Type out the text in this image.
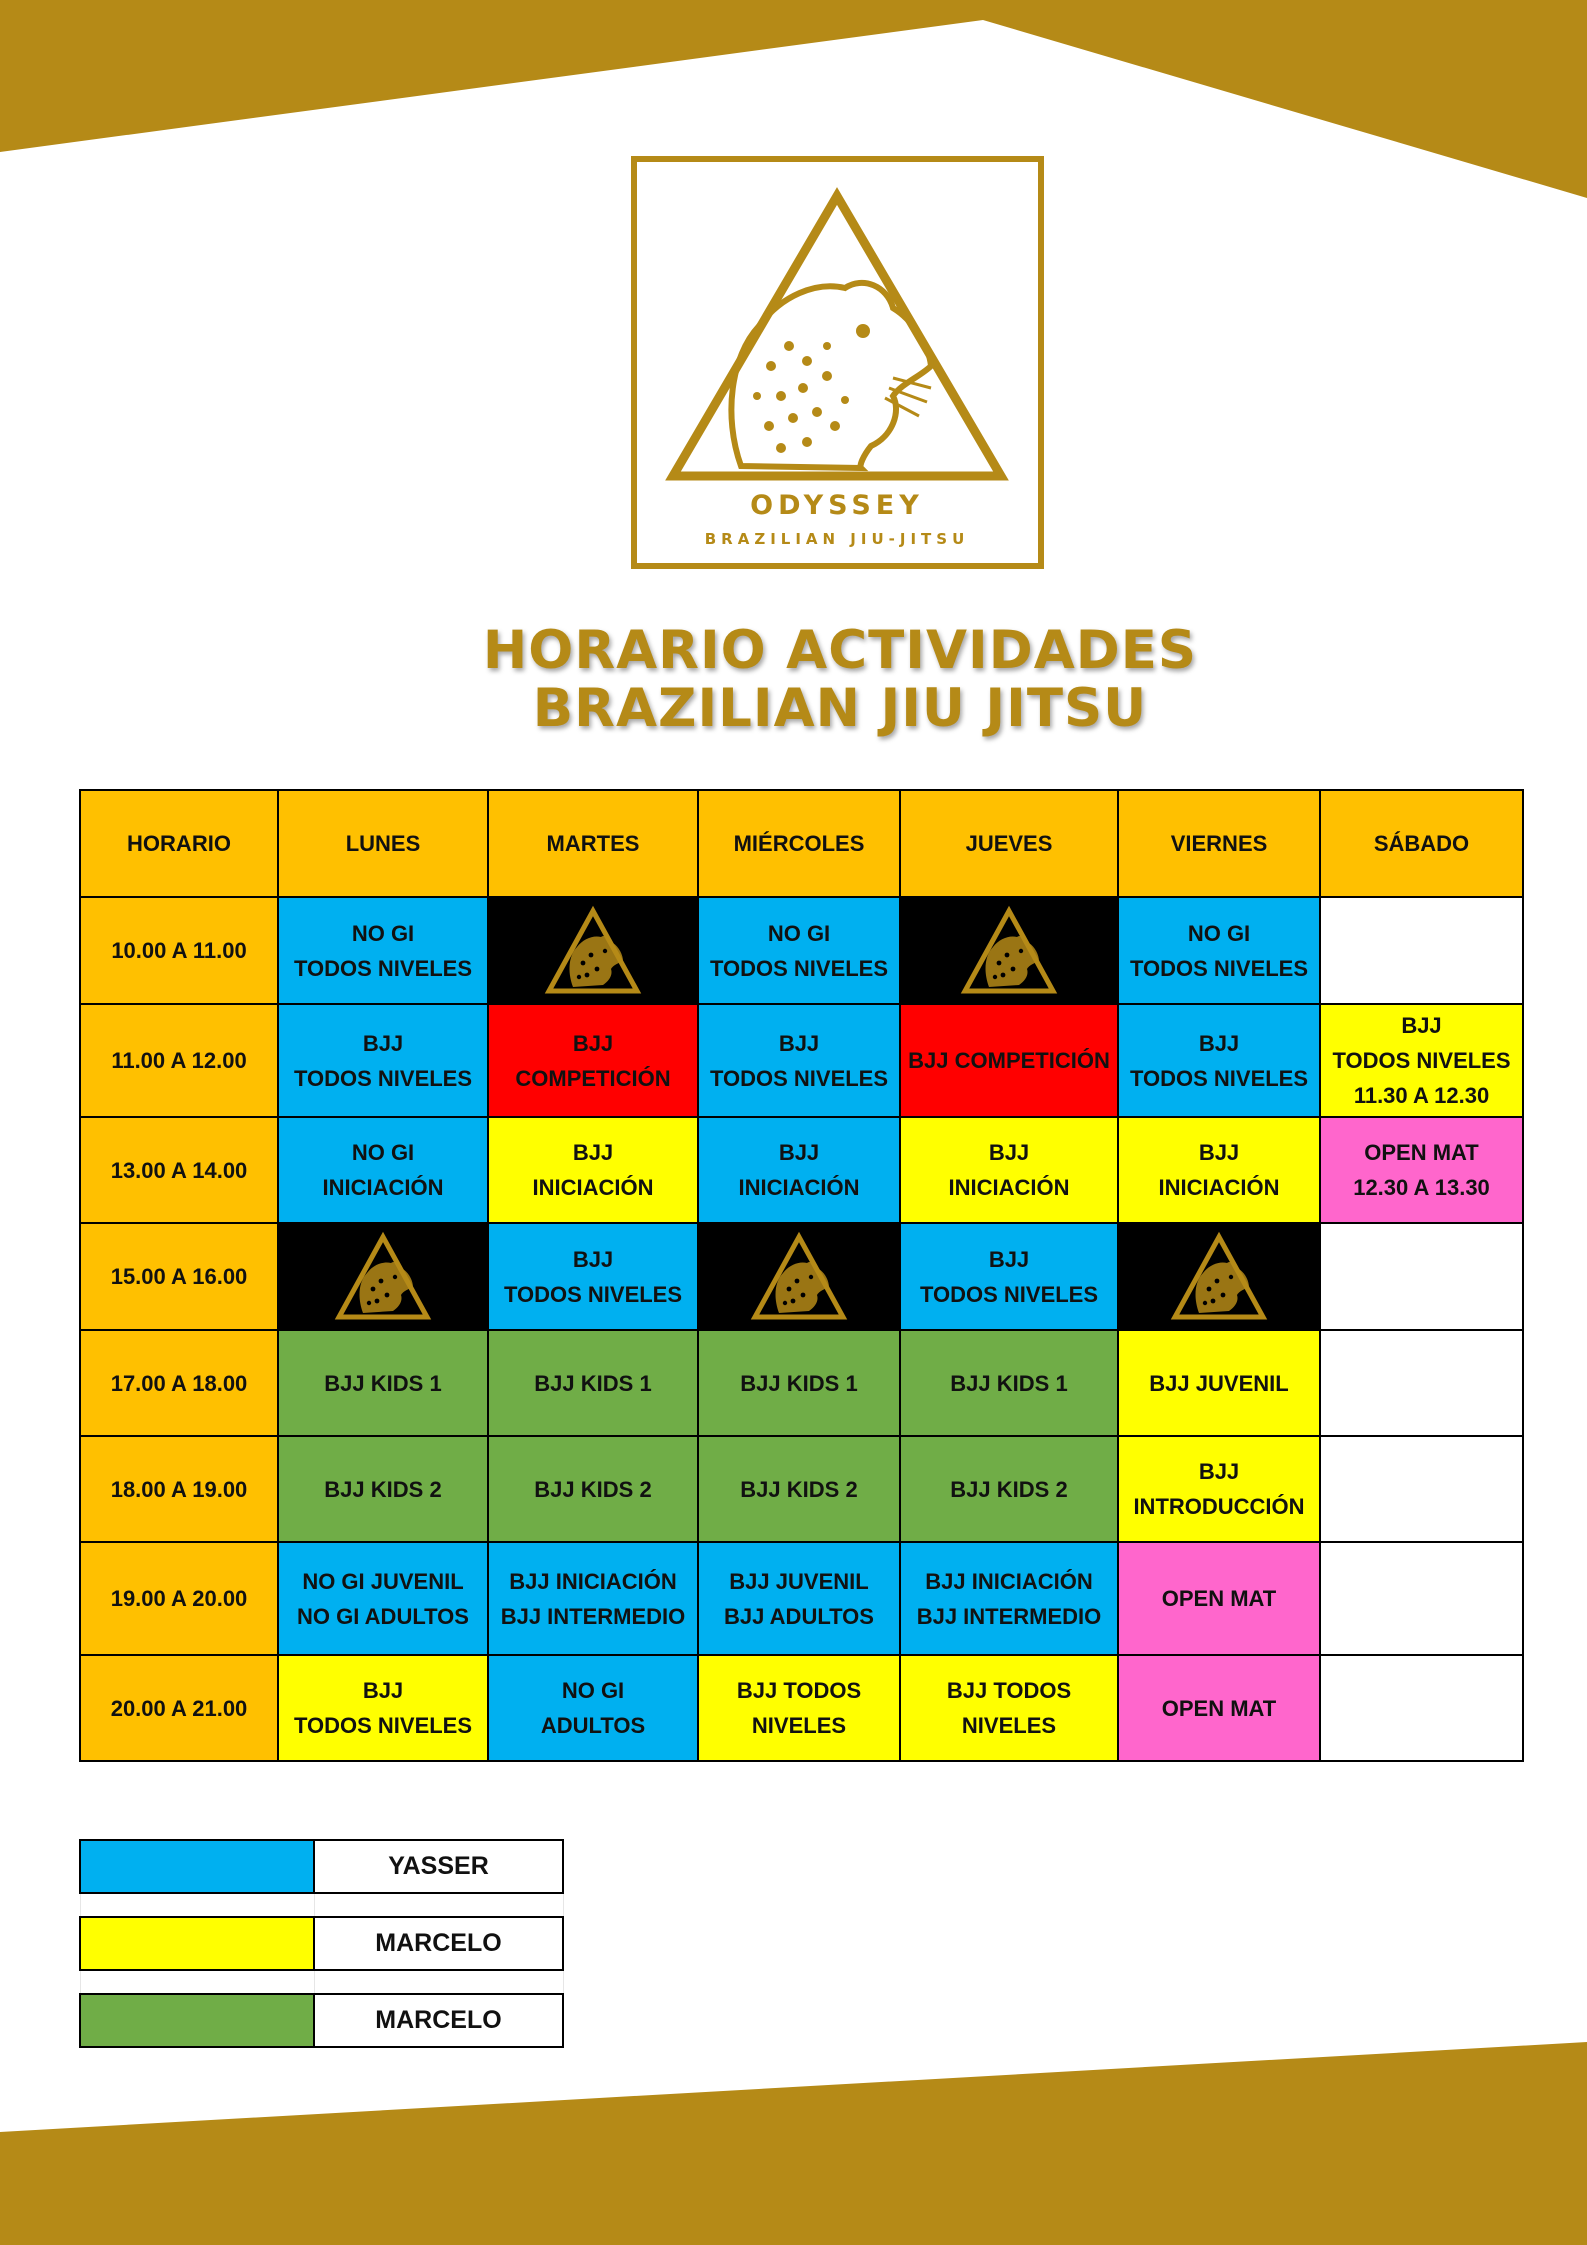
ODYSSEY
BRAZILIAN JIU-JITSU
HORARIO ACTIVIDADES
BRAZILIAN JIU JITSU
HORARIO	LUNES	MARTES	MIÉRCOLES	JUEVES	VIERNES	SÁBADO
10.00 A 11.00	NO GI
TODOS NIVELES		NO GI
TODOS NIVELES		NO GI
TODOS NIVELES	

11.00 A 12.00	BJJ
TODOS NIVELES	BJJ
COMPETICIÓN	BJJ
TODOS NIVELES	BJJ COMPETICIÓN	BJJ
TODOS NIVELES	BJJ
TODOS NIVELES
11.30 A 12.30

13.00 A 14.00	NO GI
INICIACIÓN	BJJ
INICIACIÓN	BJJ
INICIACIÓN	BJJ
INICIACIÓN	BJJ
INICIACIÓN	OPEN MAT
12.30 A 13.30

15.00 A 16.00		BJJ
TODOS NIVELES		BJJ
TODOS NIVELES

17.00 A 18.00	BJJ KIDS 1	BJJ KIDS 1	BJJ KIDS 1	BJJ KIDS 1	BJJ JUVENIL	

18.00 A 19.00	BJJ KIDS 2	BJJ KIDS 2	BJJ KIDS 2	BJJ KIDS 2	BJJ
INTRODUCCIÓN	

19.00 A 20.00	NO GI JUVENIL
NO GI ADULTOS	BJJ INICIACIÓN
BJJ INTERMEDIO	BJJ JUVENIL
BJJ ADULTOS	BJJ INICIACIÓN
BJJ INTERMEDIO	OPEN MAT	

20.00 A 21.00	BJJ
TODOS NIVELES	NO GI
ADULTOS	BJJ TODOS
NIVELES	BJJ TODOS
NIVELES	OPEN MAT	

	YASSER

	MARCELO

	MARCELO
